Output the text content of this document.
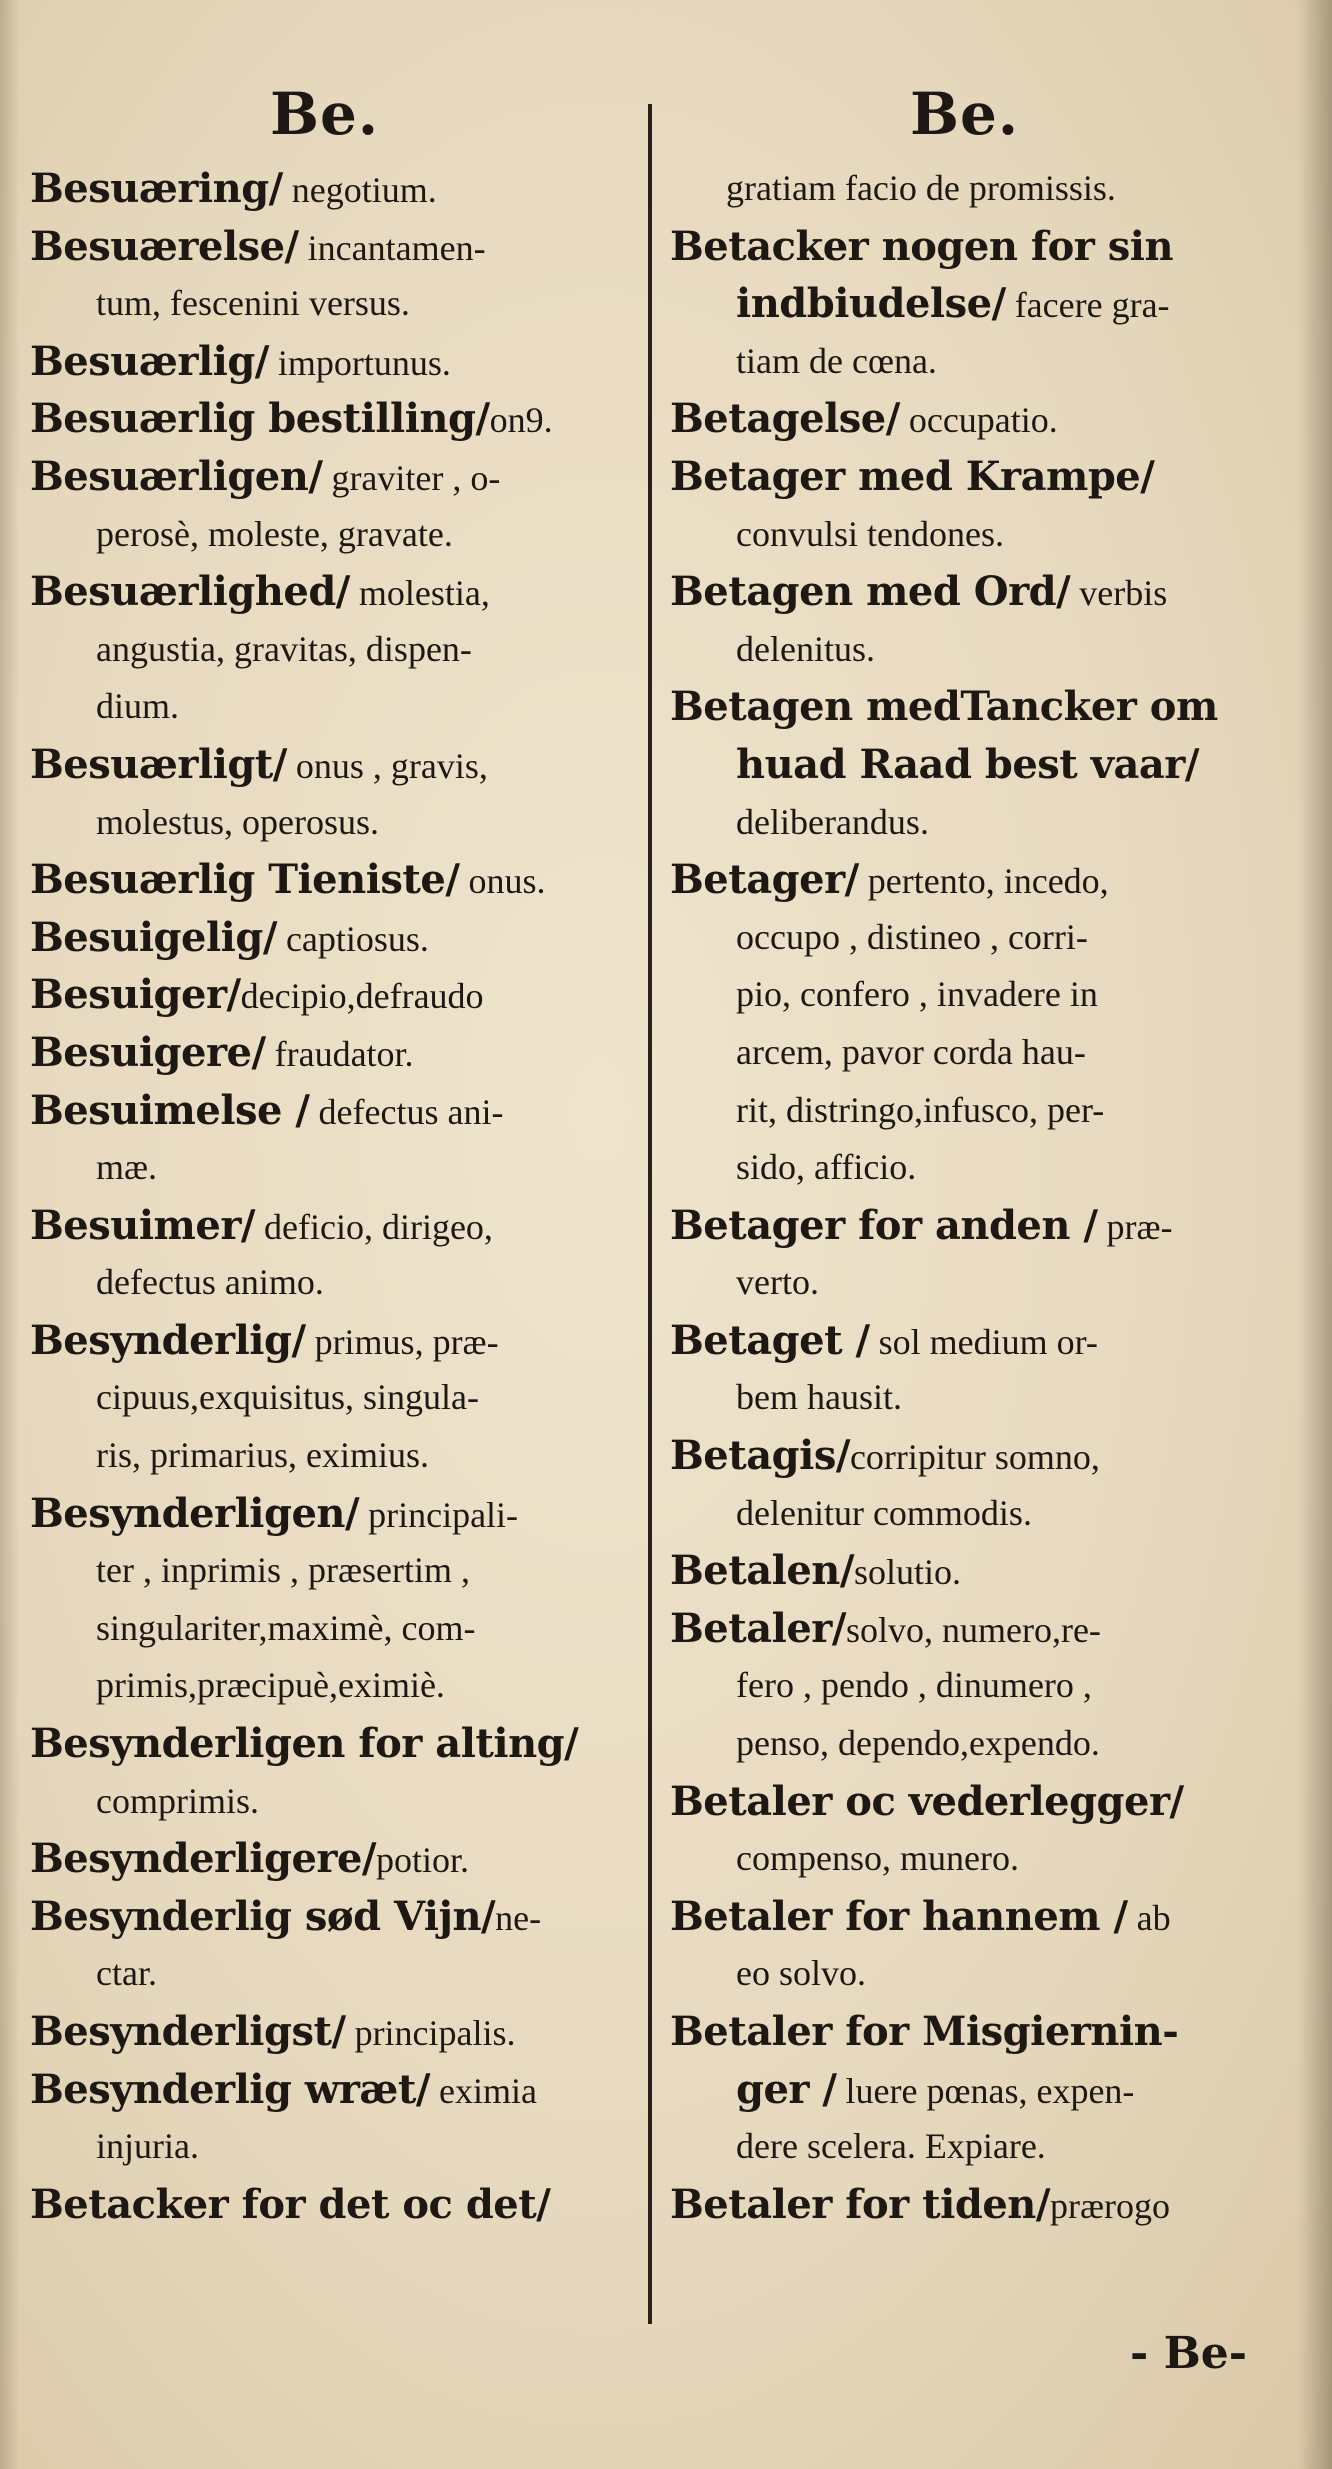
Be.	Be.
Besuæring/ negotium.
Besuærelse/ incantamen-
tum, fescenini versus.
Besuærlig/ importunus.
Besuærlig bestilling/on9.
Besuærligen/ graviter , o-
perosè, moleste, gravate.
Besuærlighed/ molestia,
angustia, gravitas, dispen-
dium.
Besuærligt/ onus , gravis,
molestus, operosus.
Besuærlig Tieniste/ onus.
Besuigelig/ captiosus.
Besuiger/decipio,defraudo
Besuigere/ fraudator.
Besuimelse / defectus ani-
mæ.
Besuimer/ deficio, dirigeo,
defectus animo.
Besynderlig/ primus, præ-
cipuus,exquisitus, singula-
ris, primarius, eximius.
Besynderligen/ principali-
ter , inprimis , præsertim ,
singulariter,maximè, com-
primis,præcipuè,eximiè.
Besynderligen for alting/
comprimis.
Besynderligere/potior.
Besynderlig sød Vijn/ne-
ctar.
Besynderligst/ principalis.
Besynderlig wræt/ eximia
injuria.
Betacker for det oc det/
gratiam facio de promissis.
Betacker nogen for sin
indbiudelse/ facere gra-
tiam de cœna.
Betagelse/ occupatio.
Betager med Krampe/
convulsi tendones.
Betagen med Ord/ verbis
delenitus.
Betagen medTancker om
huad Raad best vaar/
deliberandus.
Betager/ pertento, incedo,
occupo , distineo , corri-
pio, confero , invadere in
arcem, pavor corda hau-
rit, distringo,infusco, per-
sido, afficio.
Betager for anden / præ-
verto.
Betaget / sol medium or-
bem hausit.
Betagis/corripitur somno,
delenitur commodis.
Betalen/solutio.
Betaler/solvo, numero,re-
fero , pendo , dinumero ,
penso, dependo,expendo.
Betaler oc vederlegger/
compenso, munero.
Betaler for hannem / ab
eo solvo.
Betaler for Misgiernin-
ger / luere pœnas, expen-
dere scelera. Expiare.
Betaler for tiden/prærogo
- Be-
